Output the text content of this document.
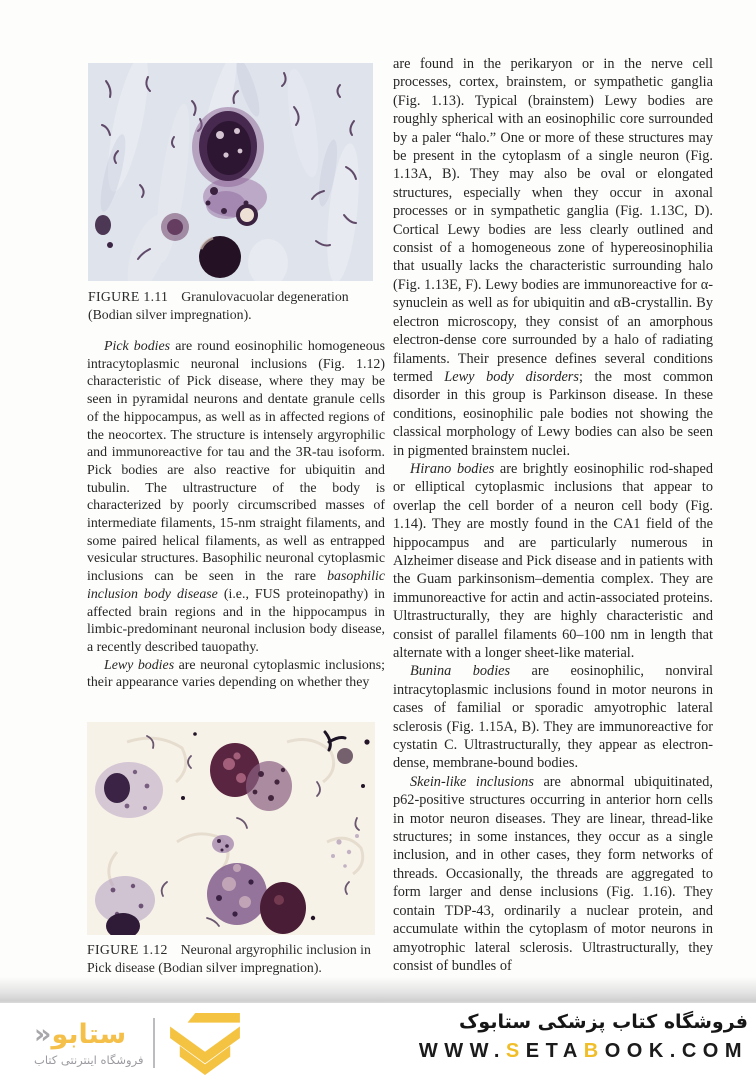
FIGURE 1.11 Granulovacuolar degeneration (Bodian silver impregnation).

Pick bodies are round eosinophilic homogeneous intracytoplasmic neuronal inclusions (Fig. 1.12) characteristic of Pick disease, where they may be seen in pyramidal neurons and dentate granule cells of the hippocampus, as well as in affected regions of the neocortex. The structure is intensely argyrophilic and immunoreactive for tau and the 3R-tau isoform. Pick bodies are also reactive for ubiquitin and tubulin. The ultrastructure of the body is characterized by poorly circumscribed masses of intermediate filaments, 15-nm straight filaments, and some paired helical filaments, as well as entrapped vesicular structures. Basophilic neuronal cytoplasmic inclusions can be seen in the rare basophilic inclusion body disease (i.e., FUS proteinopathy) in affected brain regions and in the hippocampus in limbic-predominant neuronal inclusion body disease, a recently described tauopathy.

Lewy bodies are neuronal cytoplasmic inclusions; their appearance varies depending on whether they

FIGURE 1.12 Neuronal argyrophilic inclusion in Pick disease (Bodian silver impregnation).

are found in the perikaryon or in the nerve cell processes, cortex, brainstem, or sympathetic ganglia (Fig. 1.13). Typical (brainstem) Lewy bodies are roughly spherical with an eosinophilic core surrounded by a paler “halo.” One or more of these structures may be present in the cytoplasm of a single neuron (Fig. 1.13A, B). They may also be oval or elongated structures, especially when they occur in axonal processes or in sympathetic ganglia (Fig. 1.13C, D). Cortical Lewy bodies are less clearly outlined and consist of a homogeneous zone of hypereosinophilia that usually lacks the characteristic surrounding halo (Fig. 1.13E, F). Lewy bodies are immunoreactive for α-synuclein as well as for ubiquitin and αB-crystallin. By electron microscopy, they consist of an amorphous electron-dense core surrounded by a halo of radiating filaments. Their presence defines several conditions termed Lewy body disorders; the most common disorder in this group is Parkinson disease. In these conditions, eosinophilic pale bodies not showing the classical morphology of Lewy bodies can also be seen in pigmented brainstem nuclei.

Hirano bodies are brightly eosinophilic rod-shaped or elliptical cytoplasmic inclusions that appear to overlap the cell border of a neuron cell body (Fig. 1.14). They are mostly found in the CA1 field of the hippocampus and are particularly numerous in Alzheimer disease and Pick disease and in patients with the Guam parkinsonism–dementia complex. They are immunoreactive for actin and actin-associated proteins. Ultrastructurally, they are highly characteristic and consist of parallel filaments 60–100 nm in length that alternate with a longer sheet-like material.

Bunina bodies are eosinophilic, nonviral intracytoplasmic inclusions found in motor neurons in cases of familial or sporadic amyotrophic lateral sclerosis (Fig. 1.15A, B). They are immunoreactive for cystatin C. Ultrastructurally, they appear as electron-dense, membrane-bound bodies.

Skein-like inclusions are abnormal ubiquitinated, p62-positive structures occurring in anterior horn cells in motor neuron diseases. They are linear, thread-like structures; in some instances, they occur as a single inclusion, and in other cases, they form networks of threads. Occasionally, the threads are aggregated to form larger and dense inclusions (Fig. 1.16). They contain TDP-43, ordinarily a nuclear protein, and accumulate within the cytoplasm of motor neurons in amyotrophic lateral sclerosis. Ultrastructurally, they consist of bundles of

ستابو«
فروشگاه اینترنتی کتاب
فروشگاه کتاب پزشکی ستابوک
WWW.SETABOOK.COM
